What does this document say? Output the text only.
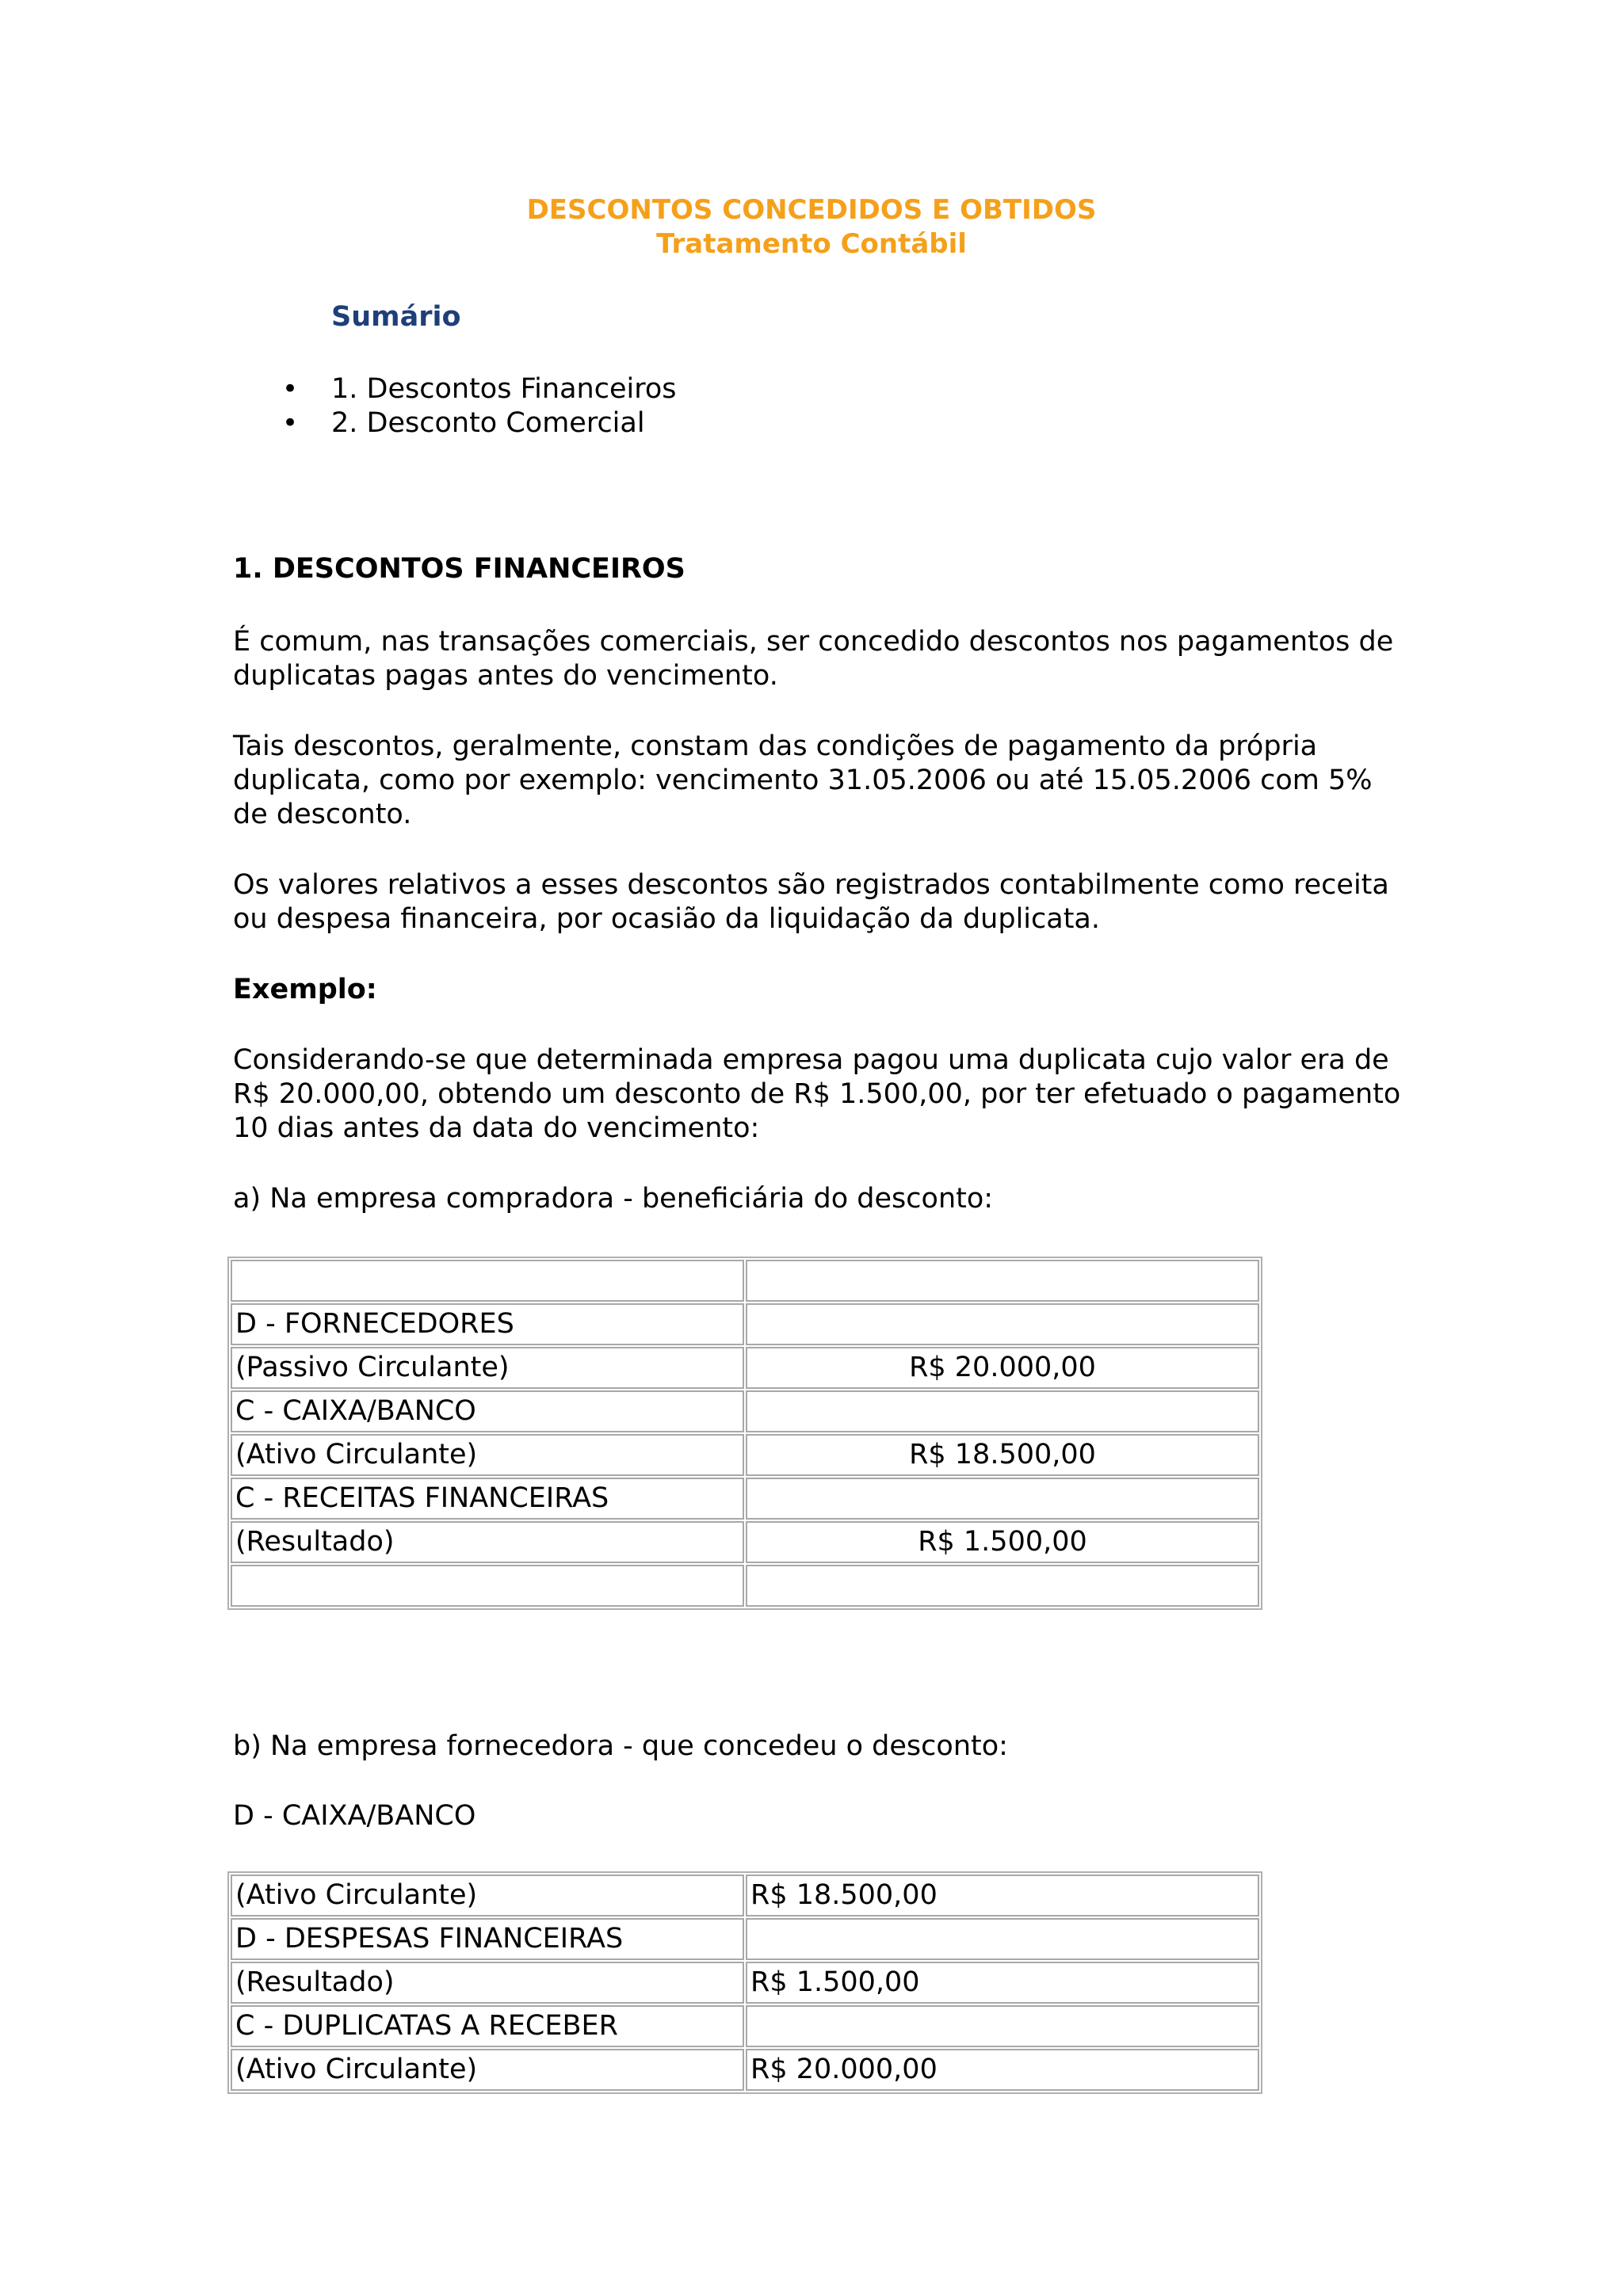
DESCONTOS CONCEDIDOS E OBTIDOS
Tratamento Contábil
Sumário
• 1. Descontos Financeiros
• 2. Desconto Comercial
1. DESCONTOS FINANCEIROS
É comum, nas transações comerciais, ser concedido descontos nos pagamentos de
duplicatas pagas antes do vencimento.
Tais descontos, geralmente, constam das condições de pagamento da própria
duplicata, como por exemplo: vencimento 31.05.2006 ou até 15.05.2006 com 5%
de desconto.
Os valores relativos a esses descontos são registrados contabilmente como receita
ou despesa financeira, por ocasião da liquidação da duplicata.
Exemplo:
Considerando-se que determinada empresa pagou uma duplicata cujo valor era de
R$ 20.000,00, obtendo um desconto de R$ 1.500,00, por ter efetuado o pagamento
10 dias antes da data do vencimento:
a) Na empresa compradora - beneficiária do desconto:

D - FORNECEDORES	
(Passivo Circulante)	R$ 20.000,00
C - CAIXA/BANCO	
(Ativo Circulante)	R$ 18.500,00
C - RECEITAS FINANCEIRAS	
(Resultado)	R$ 1.500,00

b) Na empresa fornecedora - que concedeu o desconto:
D - CAIXA/BANCO
(Ativo Circulante)	R$ 18.500,00
D - DESPESAS FINANCEIRAS	
(Resultado)	R$ 1.500,00
C - DUPLICATAS A RECEBER	
(Ativo Circulante)	R$ 20.000,00
